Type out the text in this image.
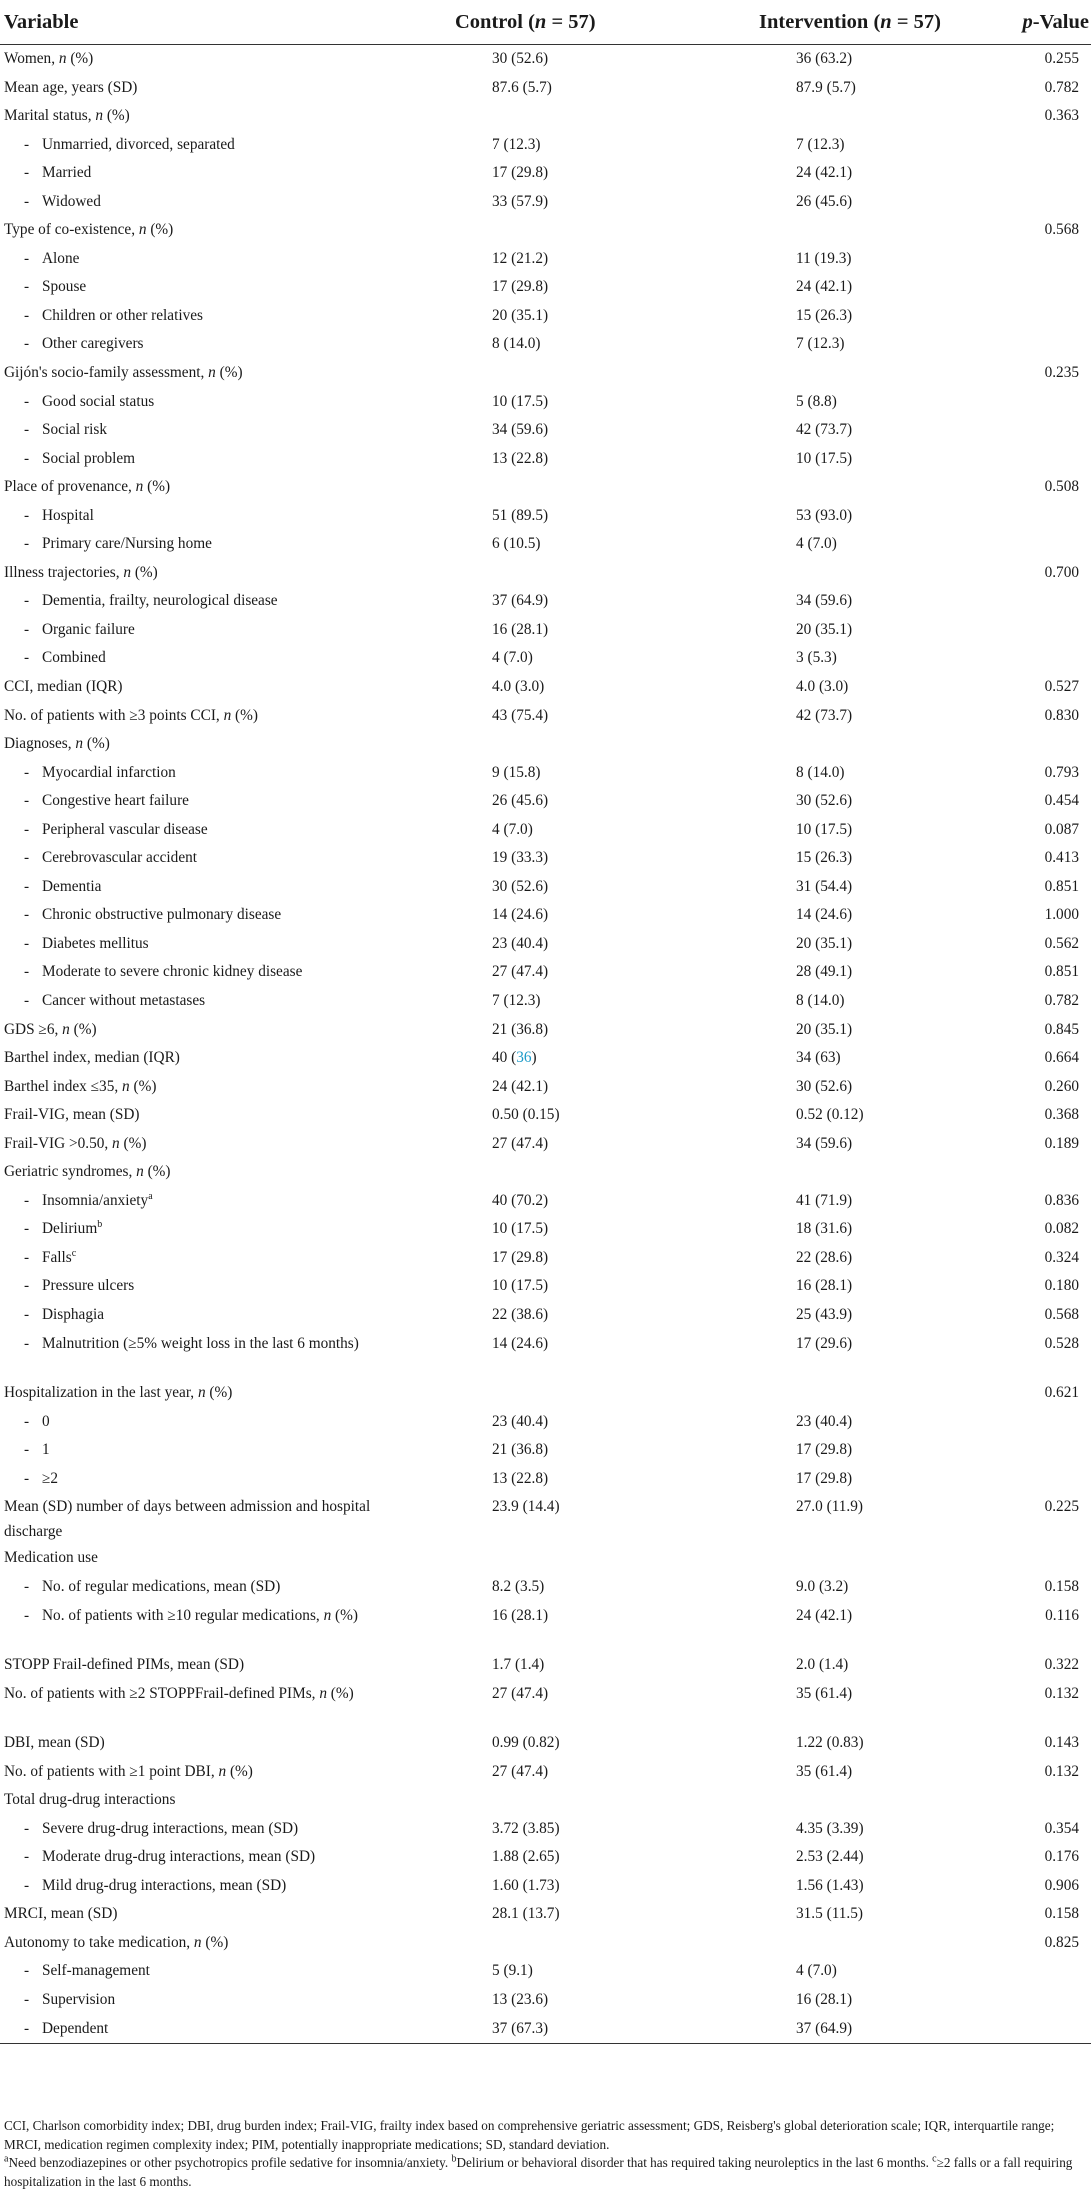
Variable	Control (n = 57)	Intervention (n = 57)	p-Value
Women, n (%)	30 (52.6)	36 (63.2)	0.255
Mean age, years (SD)	87.6 (5.7)	87.9 (5.7)	0.782
Marital status, n (%)			0.363
- Unmarried, divorced, separated	7 (12.3)	7 (12.3)	
- Married	17 (29.8)	24 (42.1)	
- Widowed	33 (57.9)	26 (45.6)	
Type of co-existence, n (%)			0.568
- Alone	12 (21.2)	11 (19.3)	
- Spouse	17 (29.8)	24 (42.1)	
- Children or other relatives	20 (35.1)	15 (26.3)	
- Other caregivers	8 (14.0)	7 (12.3)	
Gijón's socio-family assessment, n (%)			0.235
- Good social status	10 (17.5)	5 (8.8)	
- Social risk	34 (59.6)	42 (73.7)	
- Social problem	13 (22.8)	10 (17.5)	
Place of provenance, n (%)			0.508
- Hospital	51 (89.5)	53 (93.0)	
- Primary care/Nursing home	6 (10.5)	4 (7.0)	
Illness trajectories, n (%)			0.700
- Dementia, frailty, neurological disease	37 (64.9)	34 (59.6)	
- Organic failure	16 (28.1)	20 (35.1)	
- Combined	4 (7.0)	3 (5.3)	
CCI, median (IQR)	4.0 (3.0)	4.0 (3.0)	0.527
No. of patients with ≥3 points CCI, n (%)	43 (75.4)	42 (73.7)	0.830
Diagnoses, n (%)			
- Myocardial infarction	9 (15.8)	8 (14.0)	0.793
- Congestive heart failure	26 (45.6)	30 (52.6)	0.454
- Peripheral vascular disease	4 (7.0)	10 (17.5)	0.087
- Cerebrovascular accident	19 (33.3)	15 (26.3)	0.413
- Dementia	30 (52.6)	31 (54.4)	0.851
- Chronic obstructive pulmonary disease	14 (24.6)	14 (24.6)	1.000
- Diabetes mellitus	23 (40.4)	20 (35.1)	0.562
- Moderate to severe chronic kidney disease	27 (47.4)	28 (49.1)	0.851
- Cancer without metastases	7 (12.3)	8 (14.0)	0.782
GDS ≥6, n (%)	21 (36.8)	20 (35.1)	0.845
Barthel index, median (IQR)	40 (36)	34 (63)	0.664
Barthel index ≤35, n (%)	24 (42.1)	30 (52.6)	0.260
Frail-VIG, mean (SD)	0.50 (0.15)	0.52 (0.12)	0.368
Frail-VIG >0.50, n (%)	27 (47.4)	34 (59.6)	0.189
Geriatric syndromes, n (%)			
- Insomnia/anxiety$^a$	40 (70.2)	41 (71.9)	0.836
- Delirium$^b$	10 (17.5)	18 (31.6)	0.082
- Falls$^c$	17 (29.8)	22 (28.6)	0.324
- Pressure ulcers	10 (17.5)	16 (28.1)	0.180
- Disphagia	22 (38.6)	25 (43.9)	0.568
- Malnutrition (≥5% weight loss in the last 6 months)	14 (24.6)	17 (29.6)	0.528
Hospitalization in the last year, n (%)			0.621
- 0	23 (40.4)	23 (40.4)	
- 1	21 (36.8)	17 (29.8)	
- ≥2	13 (22.8)	17 (29.8)	
Mean (SD) number of days between admission and hospital discharge	23.9 (14.4)	27.0 (11.9)	0.225
Medication use			
- No. of regular medications, mean (SD)	8.2 (3.5)	9.0 (3.2)	0.158
- No. of patients with ≥10 regular medications, n (%)	16 (28.1)	24 (42.1)	0.116
STOPP Frail-defined PIMs, mean (SD)	1.7 (1.4)	2.0 (1.4)	0.322
No. of patients with ≥2 STOPPFrail-defined PIMs, n (%)	27 (47.4)	35 (61.4)	0.132
DBI, mean (SD)	0.99 (0.82)	1.22 (0.83)	0.143
No. of patients with ≥1 point DBI, n (%)	27 (47.4)	35 (61.4)	0.132
Total drug-drug interactions			
- Severe drug-drug interactions, mean (SD)	3.72 (3.85)	4.35 (3.39)	0.354
- Moderate drug-drug interactions, mean (SD)	1.88 (2.65)	2.53 (2.44)	0.176
- Mild drug-drug interactions, mean (SD)	1.60 (1.73)	1.56 (1.43)	0.906
MRCI, mean (SD)	28.1 (13.7)	31.5 (11.5)	0.158
Autonomy to take medication, n (%)			0.825
- Self-management	5 (9.1)	4 (7.0)	
- Supervision	13 (23.6)	16 (28.1)	
- Dependent	37 (67.3)	37 (64.9)	

CCI, Charlson comorbidity index; DBI, drug burden index; Frail-VIG, frailty index based on comprehensive geriatric assessment; GDS, Reisberg's global deterioration scale; IQR, interquartile range; MRCI, medication regimen complexity index; PIM, potentially inappropriate medications; SD, standard deviation.

$^a$Need benzodiazepines or other psychotropics profile sedative for insomnia/anxiety. $^b$Delirium or behavioral disorder that has required taking neuroleptics in the last 6 months. $^c$≥2 falls or a fall requiring hospitalization in the last 6 months.
